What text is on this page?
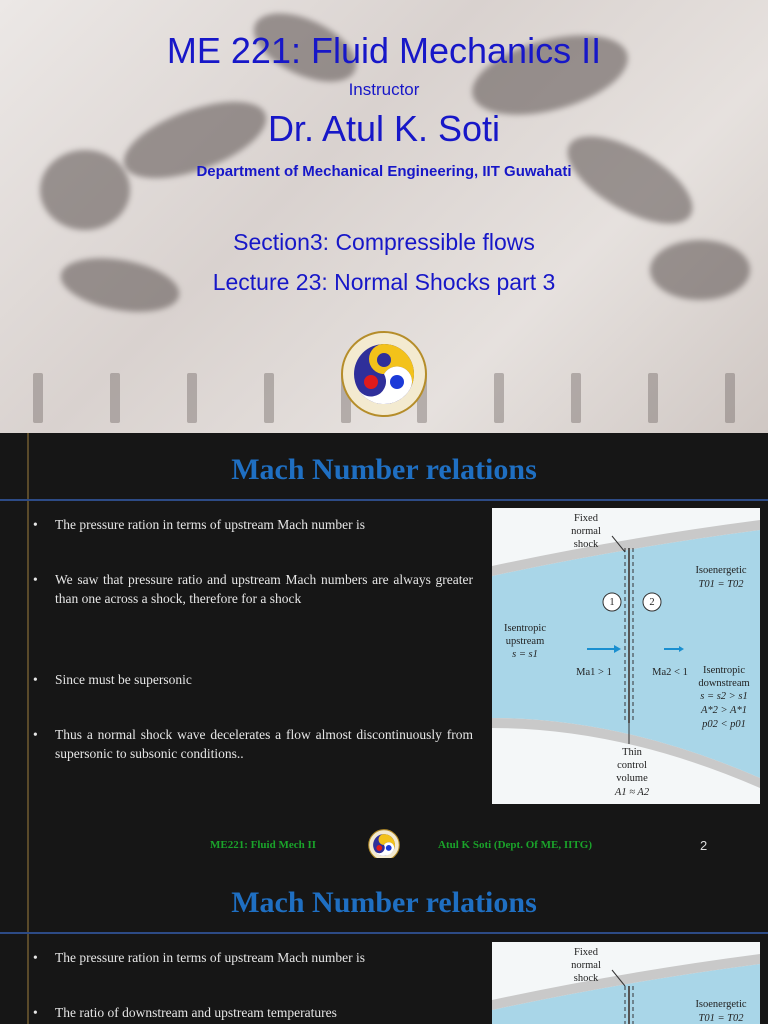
ME 221: Fluid Mechanics II
Instructor
Dr. Atul K. Soti
Department of Mechanical Engineering, IIT Guwahati
Section3: Compressible flows
Lecture 23: Normal Shocks part 3
Mach Number relations
• The pressure ration in terms of upstream Mach number is
• We saw that pressure ratio and upstream Mach numbers are always greater than one across a shock, therefore for a shock
• Since must be supersonic
• Thus a normal shock wave decelerates a flow almost discontinuously from supersonic to subsonic conditions..
Fixed
normal
shock
Isoenergetic
T01 = T02
1	2
Isentropic
upstream
s = s1
Ma1 > 1	Ma2 < 1	Isentropic
downstream
s = s2 > s1
A*2 > A*1
p02 < p01
Thin
control
volume
A1 ≈ A2
ME221: Fluid Mech II	Atul K Soti (Dept. Of ME, IITG)	2
Mach Number relations
• The pressure ration in terms of upstream Mach number is
• The ratio of downstream and upstream temperatures
Fixed
normal
shock
Isoenergetic
T01 = T02
